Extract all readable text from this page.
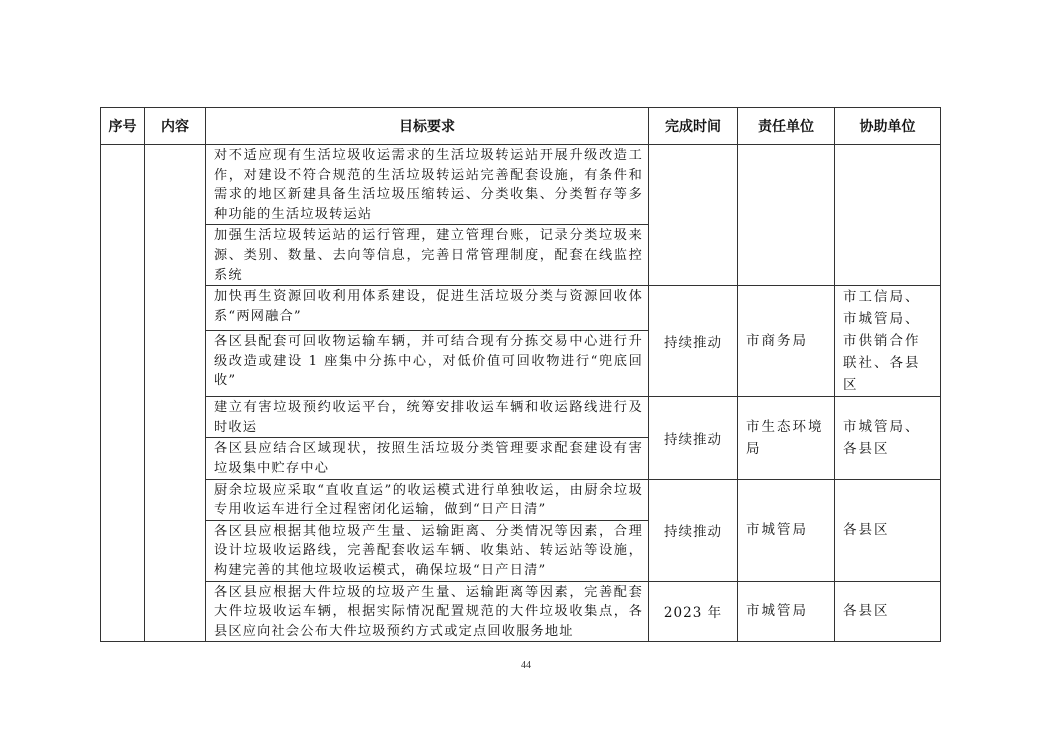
序号	内容	目标要求	完成时间	责任单位	协助单位
		对不适应现有生活垃圾收运需求的生活垃圾转运站开展升级改造工作，对建设不符合规范的生活垃圾转运站完善配套设施，有条件和需求的地区新建具备生活垃圾压缩转运、分类收集、分类暂存等多种功能的生活垃圾转运站			
		加强生活垃圾转运站的运行管理，建立管理台账，记录分类垃圾来源、类别、数量、去向等信息，完善日常管理制度，配套在线监控系统			
		加快再生资源回收利用体系建设，促进生活垃圾分类与资源回收体系“两网融合”	持续推动	市商务局	市工信局、市城管局、市供销合作联社、各县区
		各区县配套可回收物运输车辆，并可结合现有分拣交易中心进行升级改造或建设 1 座集中分拣中心，对低价值可回收物进行“兜底回收”			
		建立有害垃圾预约收运平台，统筹安排收运车辆和收运路线进行及时收运	持续推动	市生态环境局	市城管局、各县区
		各区县应结合区域现状，按照生活垃圾分类管理要求配套建设有害垃圾集中贮存中心			
		厨余垃圾应采取“直收直运”的收运模式进行单独收运，由厨余垃圾专用收运车进行全过程密闭化运输，做到“日产日清”	持续推动	市城管局	各县区
		各区县应根据其他垃圾产生量、运输距离、分类情况等因素，合理设计垃圾收运路线，完善配套收运车辆、收集站、转运站等设施，构建完善的其他垃圾收运模式，确保垃圾“日产日清”			
		各区县应根据大件垃圾的垃圾产生量、运输距离等因素，完善配套大件垃圾收运车辆，根据实际情况配置规范的大件垃圾收集点，各县区应向社会公布大件垃圾预约方式或定点回收服务地址	2023 年	市城管局	各县区
44
